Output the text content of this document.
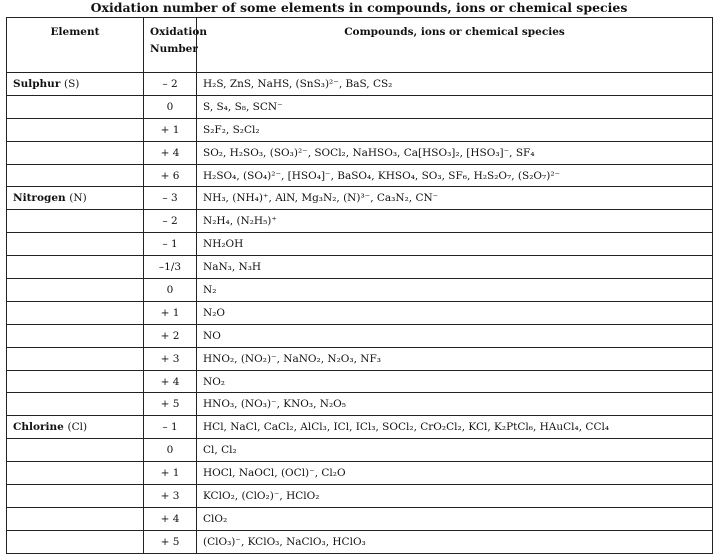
Oxidation number of some elements in compounds, ions or chemical species
Element	Oxidation Number	Compounds, ions or chemical species
Sulphur (S)	– 2	H₂S, ZnS, NaHS, (SnS₃)²⁻, BaS, CS₂
	0	S, S₄, S₈, SCN⁻
	+ 1	S₂F₂, S₂Cl₂
	+ 4	SO₂, H₂SO₃, (SO₃)²⁻, SOCl₂, NaHSO₃, Ca[HSO₃]₂, [HSO₃]⁻, SF₄
	+ 6	H₂SO₄, (SO₄)²⁻, [HSO₄]⁻, BaSO₄, KHSO₄, SO₃, SF₆, H₂S₂O₇, (S₂O₇)²⁻
Nitrogen (N)	– 3	NH₃, (NH₄)⁺, AlN, Mg₃N₂, (N)³⁻, Ca₃N₂, CN⁻
	– 2	N₂H₄, (N₂H₅)⁺
	– 1	NH₂OH
	–1/3	NaN₃, N₃H
	0	N₂
	+ 1	N₂O
	+ 2	NO
	+ 3	HNO₂, (NO₂)⁻, NaNO₂, N₂O₃, NF₃
	+ 4	NO₂
	+ 5	HNO₃, (NO₃)⁻, KNO₃, N₂O₅
Chlorine (Cl)	– 1	HCl, NaCl, CaCl₂, AlCl₃, ICl, ICl₃, SOCl₂, CrO₂Cl₂, KCl, K₂PtCl₆, HAuCl₄, CCl₄
	0	Cl, Cl₂
	+ 1	HOCl, NaOCl, (OCl)⁻, Cl₂O
	+ 3	KClO₂, (ClO₂)⁻, HClO₂
	+ 4	ClO₂
	+ 5	(ClO₃)⁻, KClO₃, NaClO₃, HClO₃
